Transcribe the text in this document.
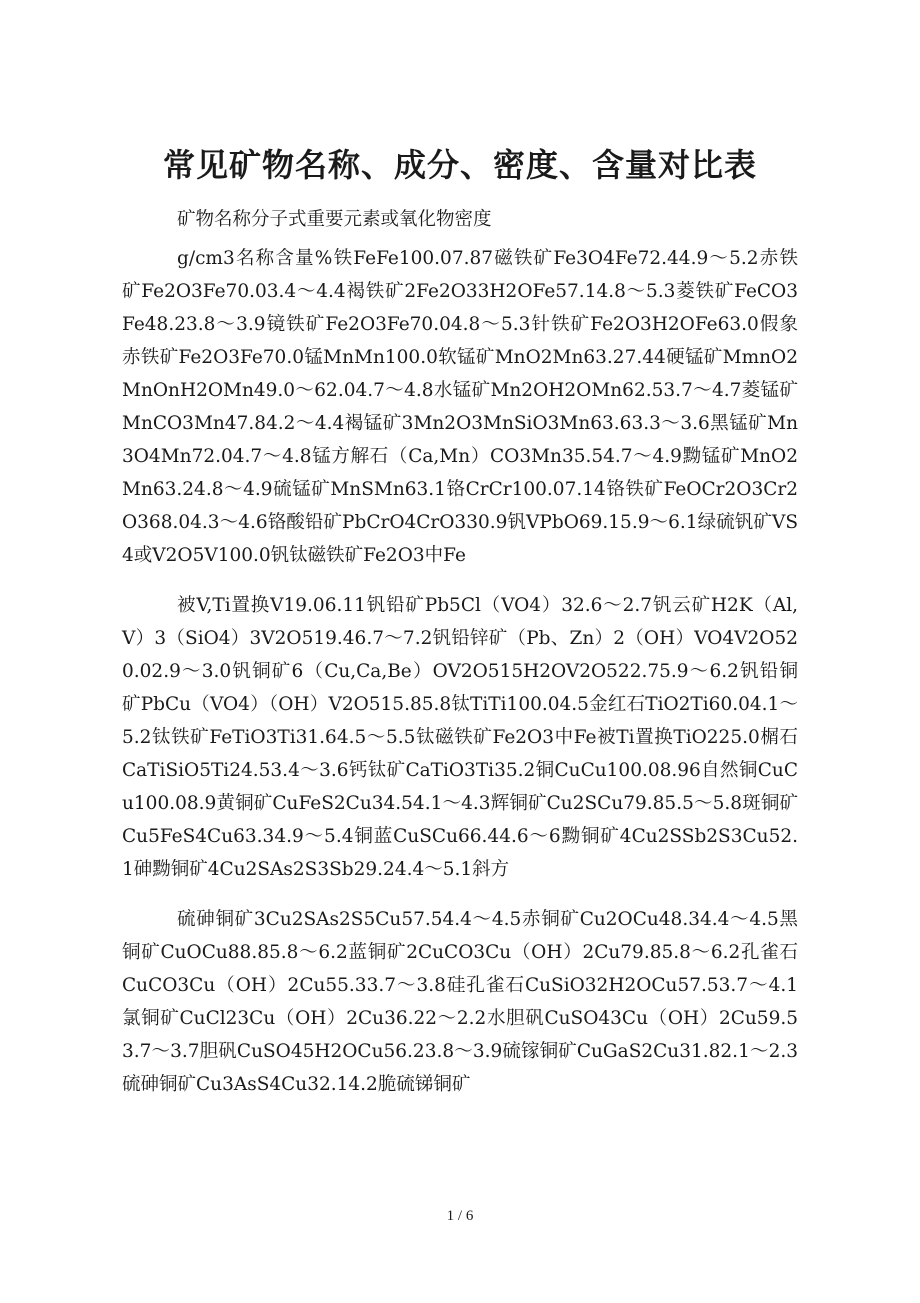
常见矿物名称、成分、密度、含量对比表

矿物名称分子式重要元素或氧化物密度

g/cm3名称含量%铁FeFe100.07.87磁铁矿Fe3O4Fe72.44.9～5.2赤铁矿Fe2O3Fe70.03.4～4.4褐铁矿2Fe2O33H2OFe57.14.8～5.3菱铁矿FeCO3Fe48.23.8～3.9镜铁矿Fe2O3Fe70.04.8～5.3针铁矿Fe2O3H2OFe63.0假象赤铁矿Fe2O3Fe70.0锰MnMn100.0软锰矿MnO2Mn63.27.44硬锰矿MmnO2MnOnH2OMn49.0～62.04.7～4.8水锰矿Mn2OH2OMn62.53.7～4.7菱锰矿MnCO3Mn47.84.2～4.4褐锰矿3Mn2O3MnSiO3Mn63.63.3～3.6黑锰矿Mn3O4Mn72.04.7～4.8锰方解石（Ca,Mn）CO3Mn35.54.7～4.9黝锰矿MnO2Mn63.24.8～4.9硫锰矿MnSMn63.1铬CrCr100.07.14铬铁矿FeOCr2O3Cr2O368.04.3～4.6铬酸铅矿PbCrO4CrO330.9钒VPbO69.15.9～6.1绿硫钒矿VS4或V2O5V100.0钒钛磁铁矿Fe2O3中Fe

被V,Ti置换V19.06.11钒铅矿Pb5Cl（VO4）32.6～2.7钒云矿H2K（Al,V）3（SiO4）3V2O519.46.7～7.2钒铅锌矿（Pb、Zn）2（OH）VO4V2O520.02.9～3.0钒铜矿6（Cu,Ca,Be）OV2O515H2OV2O522.75.9～6.2钒铅铜矿PbCu（VO4）（OH）V2O515.85.8钛TiTi100.04.5金红石TiO2Ti60.04.1～5.2钛铁矿FeTiO3Ti31.64.5～5.5钛磁铁矿Fe2O3中Fe被Ti置换TiO225.0榍石CaTiSiO5Ti24.53.4～3.6钙钛矿CaTiO3Ti35.2铜CuCu100.08.96自然铜CuCu100.08.9黄铜矿CuFeS2Cu34.54.1～4.3辉铜矿Cu2SCu79.85.5～5.8斑铜矿Cu5FeS4Cu63.34.9～5.4铜蓝CuSCu66.44.6～6黝铜矿4Cu2SSb2S3Cu52.1砷黝铜矿4Cu2SAs2S3Sb29.24.4～5.1斜方

硫砷铜矿3Cu2SAs2S5Cu57.54.4～4.5赤铜矿Cu2OCu48.34.4～4.5黑铜矿CuOCu88.85.8～6.2蓝铜矿2CuCO3Cu（OH）2Cu79.85.8～6.2孔雀石CuCO3Cu（OH）2Cu55.33.7～3.8硅孔雀石CuSiO32H2OCu57.53.7～4.1氯铜矿CuCl23Cu（OH）2Cu36.22～2.2水胆矾CuSO43Cu（OH）2Cu59.53.7～3.7胆矾CuSO45H2OCu56.23.8～3.9硫镓铜矿CuGaS2Cu31.82.1～2.3硫砷铜矿Cu3AsS4Cu32.14.2脆硫锑铜矿

1 / 6
